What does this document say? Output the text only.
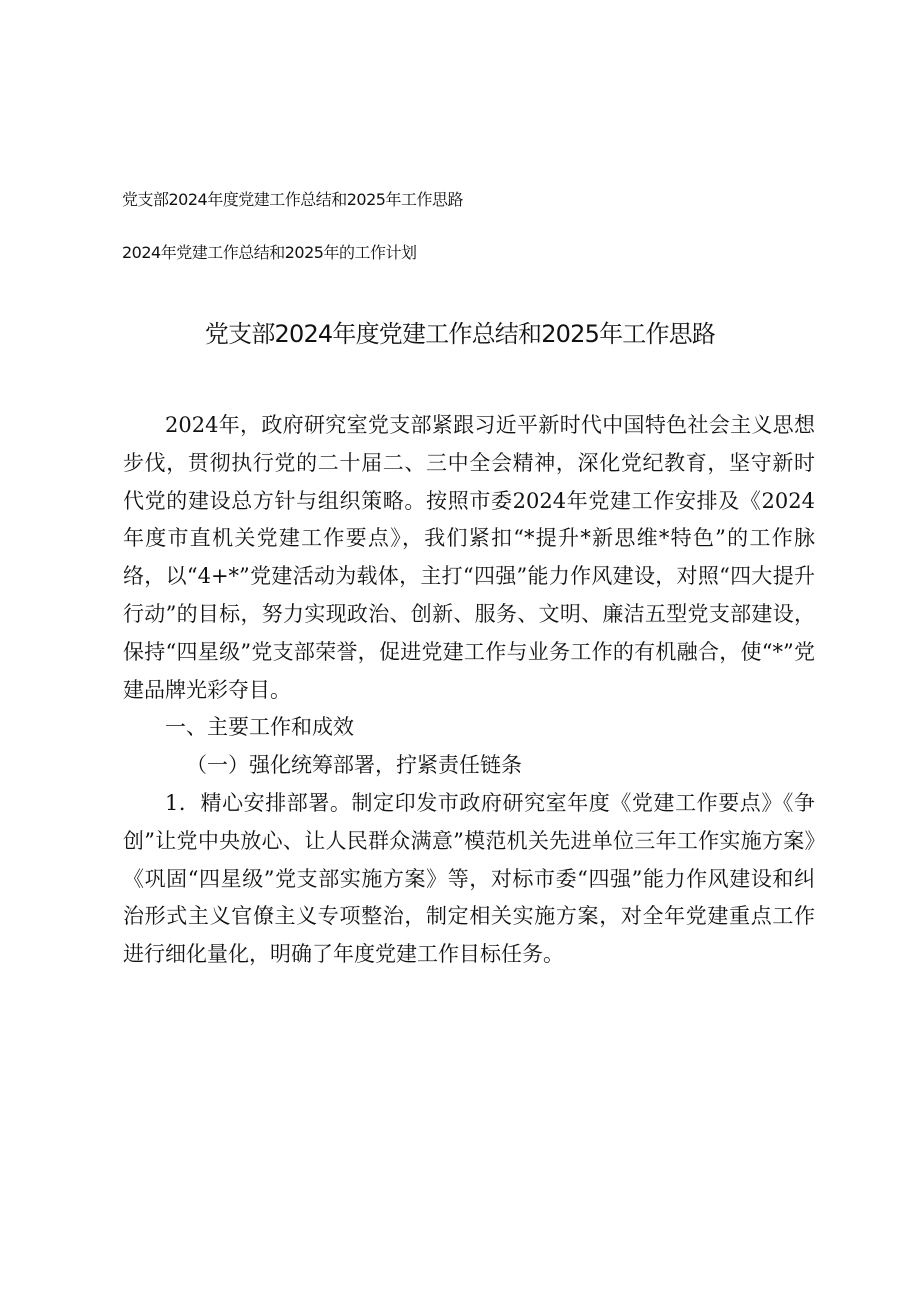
党支部2024年度党建工作总结和2025年工作思路
2024年党建工作总结和2025年的工作计划
党支部2024年度党建工作总结和2025年工作思路

2024年，政府研究室党支部紧跟习近平新时代中国特色社会主义思想步伐，贯彻执行党的二十届二、三中全会精神，深化党纪教育，坚守新时代党的建设总方针与组织策略。按照市委2024年党建工作安排及《2024年度市直机关党建工作要点》，我们紧扣“*提升*新思维*特色”的工作脉络，以“4+*”党建活动为载体，主打“四强”能力作风建设，对照“四大提升行动”的目标，努力实现政治、创新、服务、文明、廉洁五型党支部建设，保持“四星级”党支部荣誉，促进党建工作与业务工作的有机融合，使“*”党建品牌光彩夺目。

一、主要工作和成效

（一）强化统筹部署，拧紧责任链条

1．精心安排部署。制定印发市政府研究室年度《党建工作要点》《争创”让党中央放心、让人民群众满意”模范机关先进单位三年工作实施方案》《巩固“四星级”党支部实施方案》等，对标市委“四强”能力作风建设和纠治形式主义官僚主义专项整治，制定相关实施方案，对全年党建重点工作进行细化量化，明确了年度党建工作目标任务。
